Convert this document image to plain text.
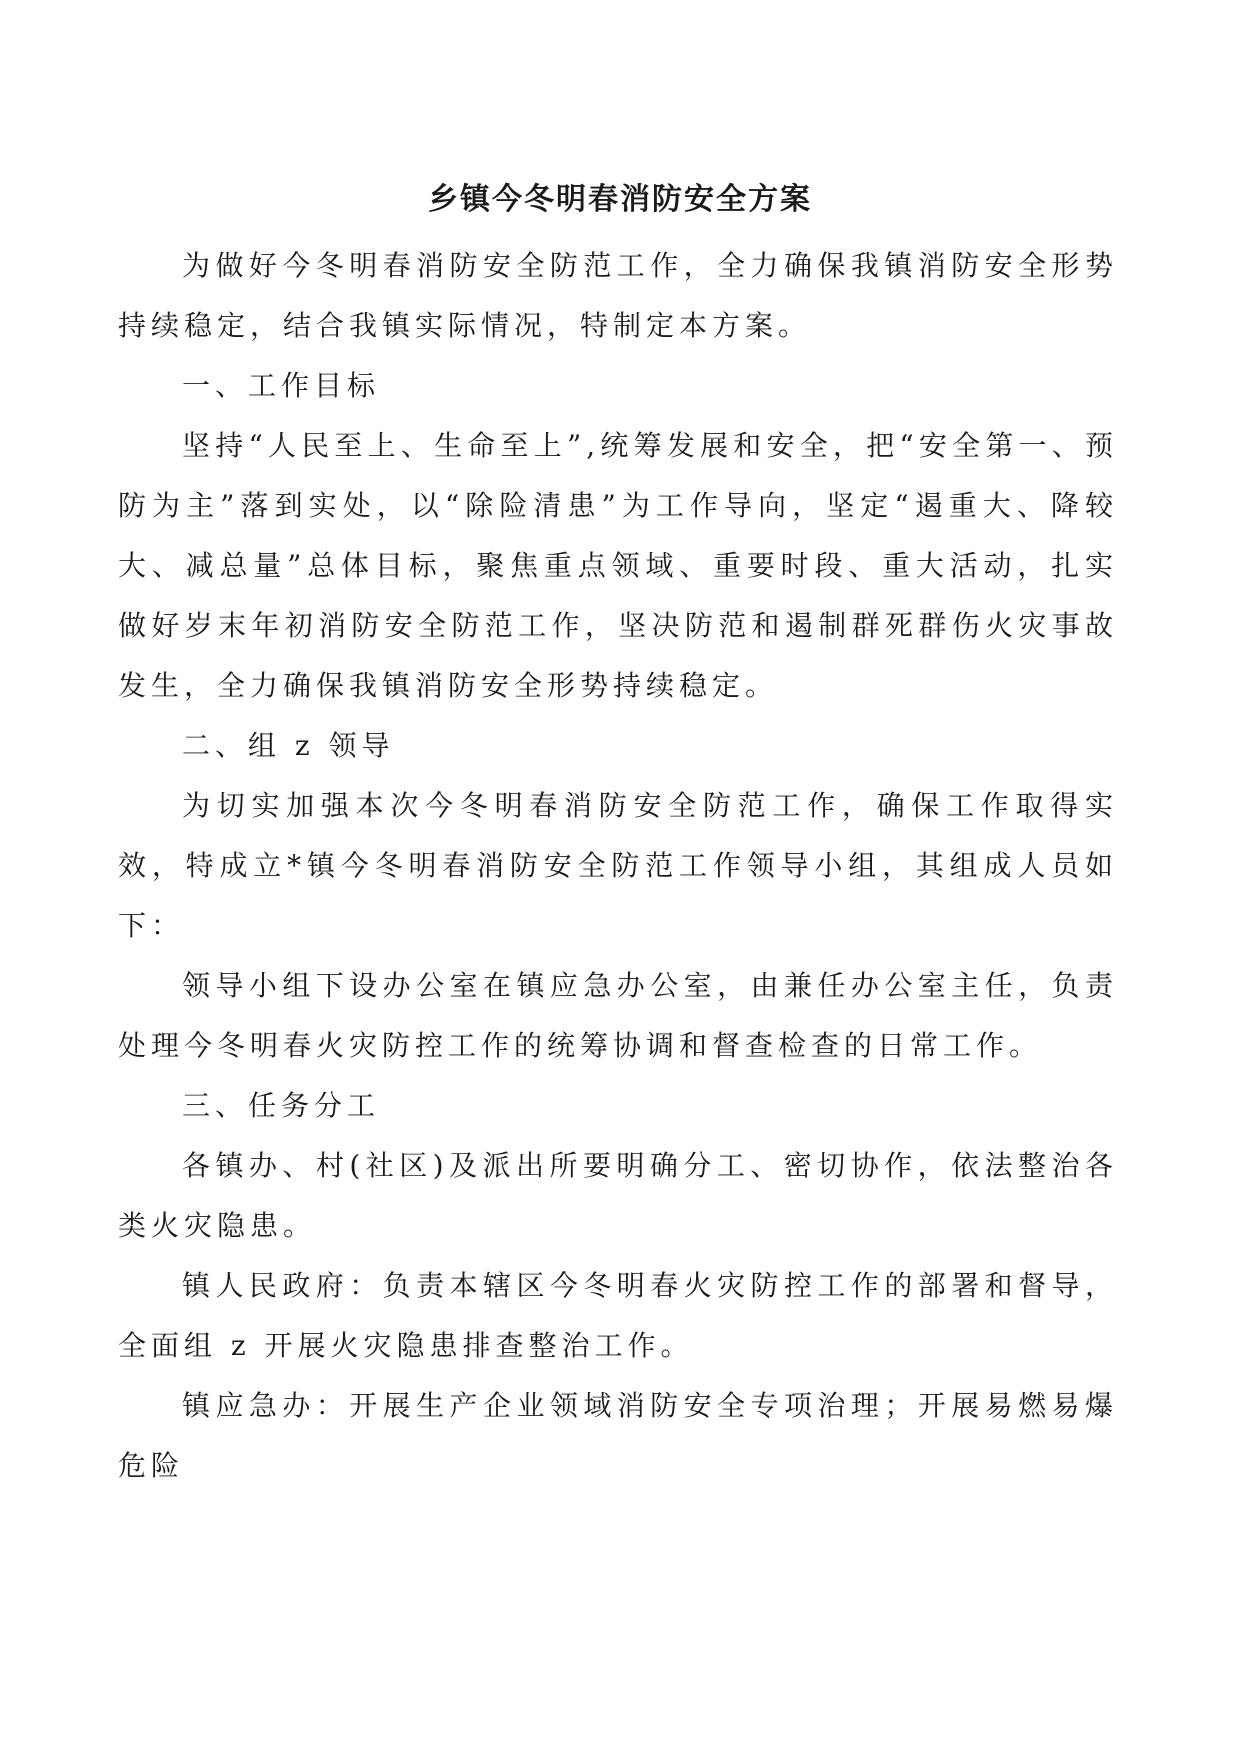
乡镇今冬明春消防安全方案

为做好今冬明春消防安全防范工作，全力确保我镇消防安全形势持续稳定，结合我镇实际情况，特制定本方案。

一、工作目标

坚持“人民至上、生命至上”,统筹发展和安全，把“安全第一、预防为主”落到实处，以“除险清患”为工作导向，坚定“遏重大、降较大、减总量”总体目标，聚焦重点领域、重要时段、重大活动，扎实做好岁末年初消防安全防范工作，坚决防范和遏制群死群伤火灾事故发生，全力确保我镇消防安全形势持续稳定。

二、组 z 领导

为切实加强本次今冬明春消防安全防范工作，确保工作取得实效，特成立*镇今冬明春消防安全防范工作领导小组，其组成人员如下：

领导小组下设办公室在镇应急办公室，由兼任办公室主任，负责处理今冬明春火灾防控工作的统筹协调和督查检查的日常工作。

三、任务分工

各镇办、村(社区)及派出所要明确分工、密切协作，依法整治各类火灾隐患。

镇人民政府：负责本辖区今冬明春火灾防控工作的部署和督导，全面组 z 开展火灾隐患排查整治工作。

镇应急办：开展生产企业领域消防安全专项治理；开展易燃易爆危险
